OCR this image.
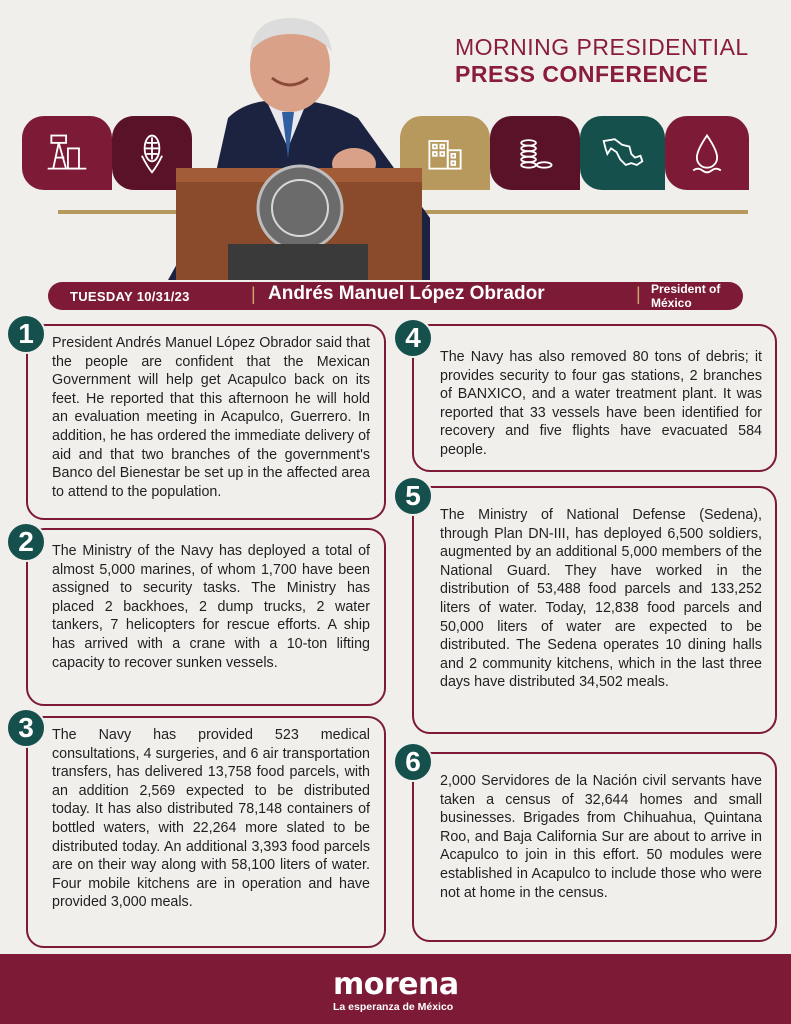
MORNING PRESIDENTIAL
PRESS CONFERENCE
TUESDAY 10/31/23	| Andrés Manuel López Obrador	| President of México
President Andrés Manuel López Obrador said that the people are confident that the Mexican Government will help get Acapulco back on its feet. He reported that this afternoon he will hold an evaluation meeting in Acapulco, Guerrero. In addition, he has ordered the immediate delivery of aid and that two branches of the government's Banco del Bienestar be set up in the affected area to attend to the population.
1
The Ministry of the Navy has deployed a total of almost 5,000 marines, of whom 1,700 have been assigned to security tasks. The Ministry has placed 2 backhoes, 2 dump trucks, 2 water tankers, 7 helicopters for rescue efforts. A ship has arrived with a crane with a 10-ton lifting capacity to recover sunken vessels.
2
The Navy has provided 523 medical consultations, 4 surgeries, and 6 air transportation transfers, has delivered 13,758 food parcels, with an addition 2,569 expected to be distributed today. It has also distributed 78,148 containers of bottled waters, with 22,264 more slated to be distributed today. An additional 3,393 food parcels are on their way along with 58,100 liters of water. Four mobile kitchens are in operation and have provided 3,000 meals.
3
The Navy has also removed 80 tons of debris; it provides security to four gas stations, 2 branches of BANXICO, and a water treatment plant. It was reported that 33 vessels have been identified for recovery and five flights have evacuated 584 people.
4
The Ministry of National Defense (Sedena), through Plan DN-III, has deployed 6,500 soldiers, augmented by an additional 5,000 members of the National Guard. They have worked in the distribution of 53,488 food parcels and 133,252 liters of water. Today, 12,838 food parcels and 50,000 liters of water are expected to be distributed. The Sedena operates 10 dining halls and 2 community kitchens, which in the last three days have distributed 34,502 meals.
5
2,000 Servidores de la Nación civil servants have taken a census of 32,644 homes and small businesses. Brigades from Chihuahua, Quintana Roo, and Baja California Sur are about to arrive in Acapulco to join in this effort. 50 modules were established in Acapulco to include those who were not at home in the census.
6
morena
La esperanza de México
